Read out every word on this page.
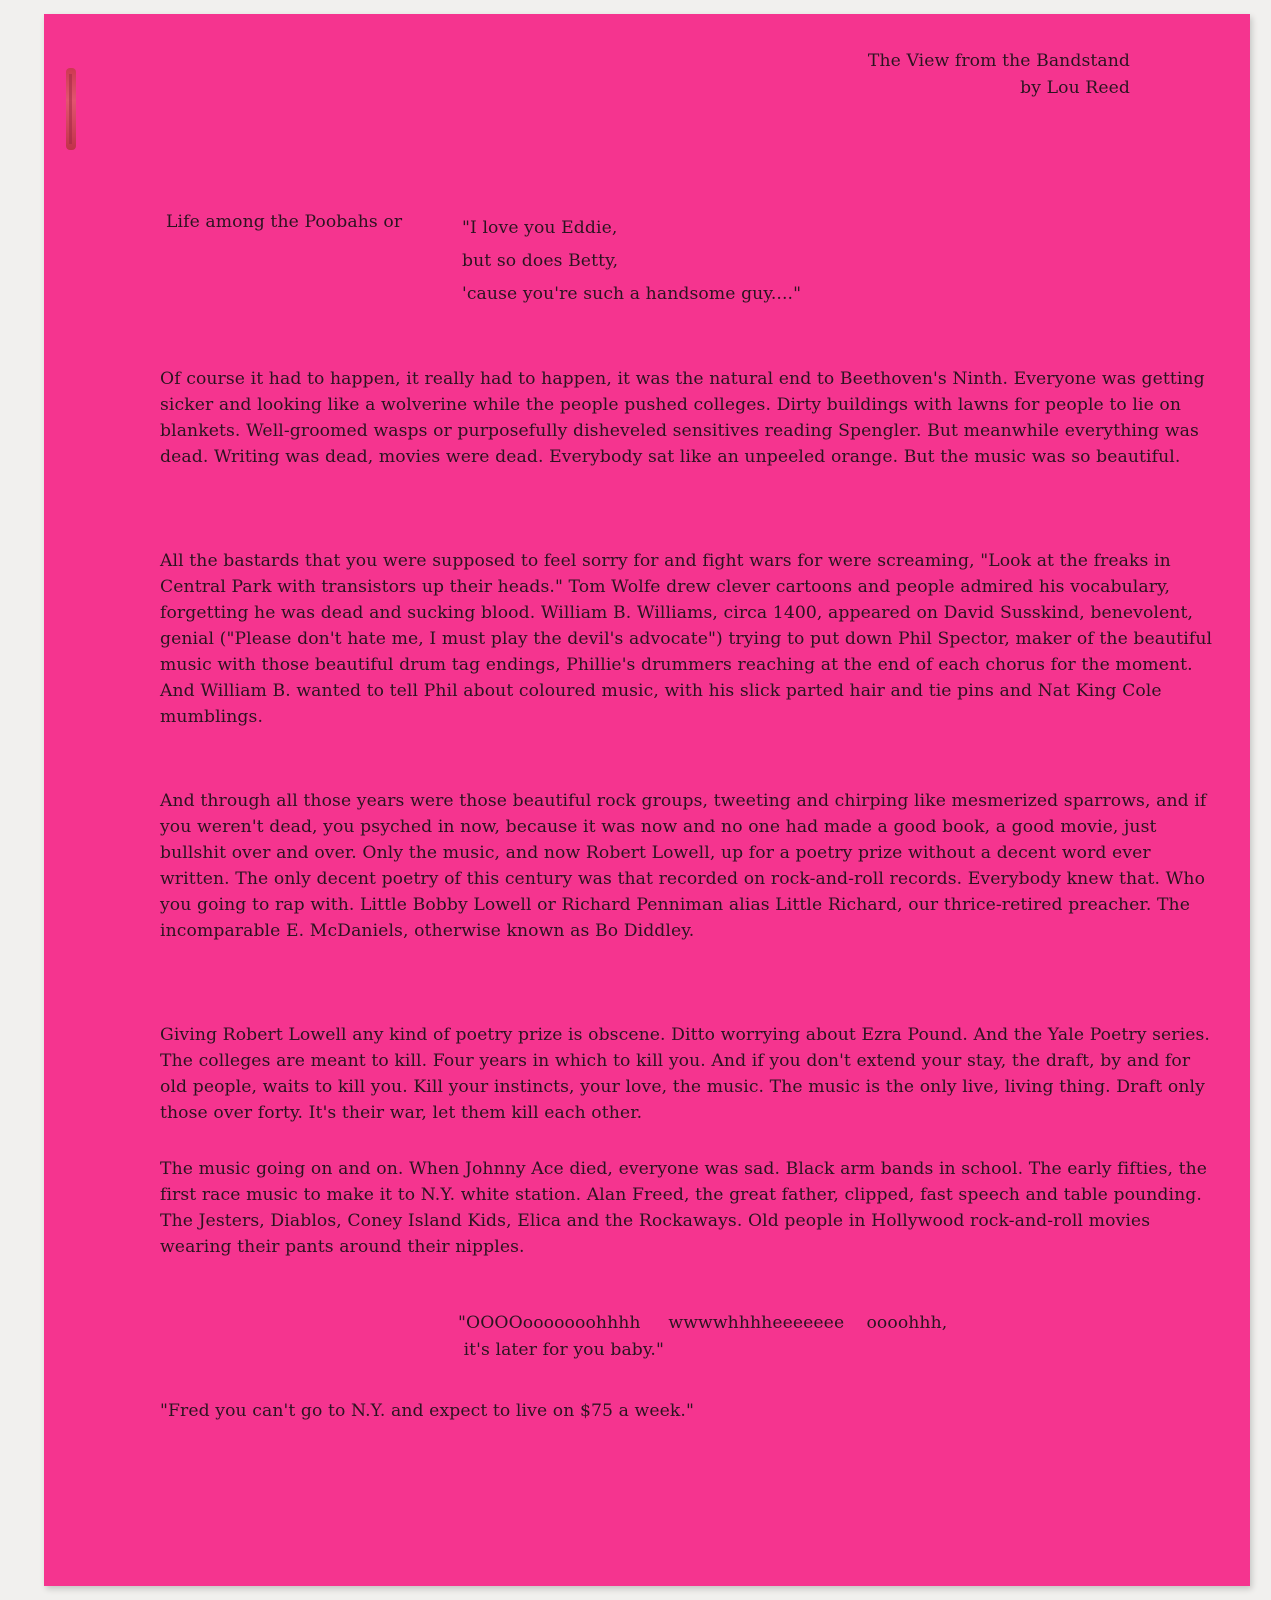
The View from the Bandstand
by Lou Reed
Life among the Poobahs or	"I love you Eddie,
but so does Betty,
'cause you're such a handsome guy...."

Of course it had to happen, it really had to happen, it was the natural end to Beethoven's Ninth. Everyone was getting sicker and looking like a wolverine while the people pushed colleges. Dirty buildings with lawns for people to lie on blankets. Well-groomed wasps or purposefully disheveled sensitives reading Spengler. But meanwhile everything was dead. Writing was dead, movies were dead. Everybody sat like an unpeeled orange. But the music was so beautiful.

All the bastards that you were supposed to feel sorry for and fight wars for were screaming, "Look at the freaks in Central Park with transistors up their heads." Tom Wolfe drew clever cartoons and people admired his vocabulary, forgetting he was dead and sucking blood. William B. Williams, circa 1400, appeared on David Susskind, benevolent, genial ("Please don't hate me, I must play the devil's advocate") trying to put down Phil Spector, maker of the beautiful music with those beautiful drum tag endings, Phillie's drummers reaching at the end of each chorus for the moment. And William B. wanted to tell Phil about coloured music, with his slick parted hair and tie pins and Nat King Cole mumblings.

And through all those years were those beautiful rock groups, tweeting and chirping like mesmerized sparrows, and if you weren't dead, you psyched in now, because it was now and no one had made a good book, a good movie, just bullshit over and over. Only the music, and now Robert Lowell, up for a poetry prize without a decent word ever written. The only decent poetry of this century was that recorded on rock-and-roll records. Everybody knew that. Who you going to rap with. Little Bobby Lowell or Richard Penniman alias Little Richard, our thrice-retired preacher. The incomparable E. McDaniels, otherwise known as Bo Diddley.

Giving Robert Lowell any kind of poetry prize is obscene. Ditto worrying about Ezra Pound. And the Yale Poetry series. The colleges are meant to kill. Four years in which to kill you. And if you don't extend your stay, the draft, by and for old people, waits to kill you. Kill your instincts, your love, the music. The music is the only live, living thing. Draft only those over forty. It's their war, let them kill each other.

The music going on and on. When Johnny Ace died, everyone was sad. Black arm bands in school. The early fifties, the first race music to make it to N.Y. white station. Alan Freed, the great father, clipped, fast speech and table pounding. The Jesters, Diablos, Coney Island Kids, Elica and the Rockaways. Old people in Hollywood rock-and-roll movies wearing their pants around their nipples.

"OOOOooooooohhhh     wwwwhhhheeeeeee    oooohhh,
it's later for you baby."
"Fred you can't go to N.Y. and expect to live on $75 a week."
